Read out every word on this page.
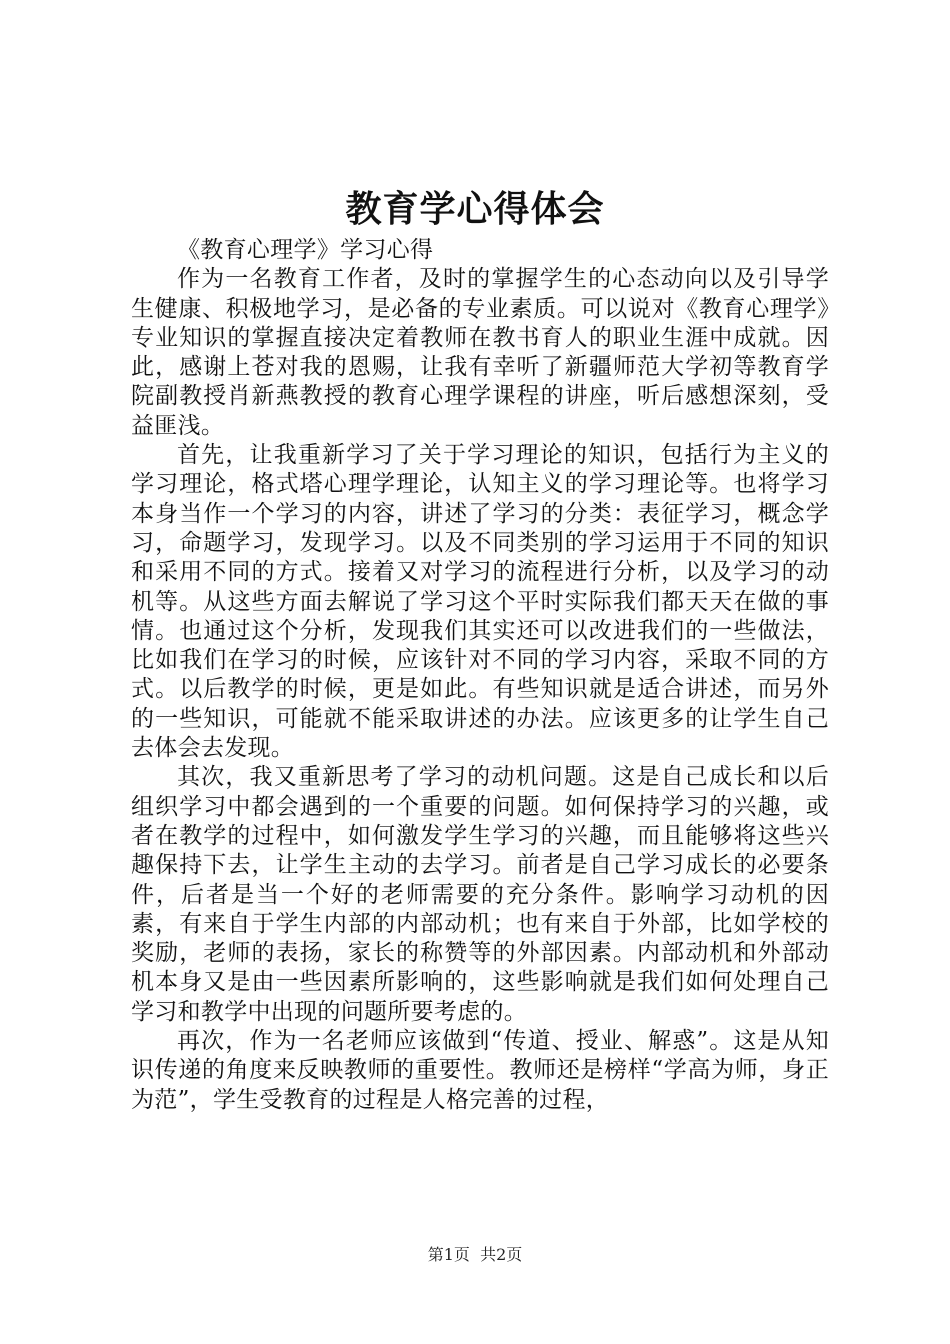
教育学心得体会

《教育心理学》学习心得

作为一名教育工作者，及时的掌握学生的心态动向以及引导学生健康、积极地学习，是必备的专业素质。可以说对《教育心理学》专业知识的掌握直接决定着教师在教书育人的职业生涯中成就。因此，感谢上苍对我的恩赐，让我有幸听了新疆师范大学初等教育学院副教授肖新燕教授的教育心理学课程的讲座，听后感想深刻，受益匪浅。

首先，让我重新学习了关于学习理论的知识，包括行为主义的学习理论，格式塔心理学理论，认知主义的学习理论等。也将学习本身当作一个学习的内容，讲述了学习的分类：表征学习，概念学习，命题学习，发现学习。以及不同类别的学习运用于不同的知识和采用不同的方式。接着又对学习的流程进行分析，以及学习的动机等。从这些方面去解说了学习这个平时实际我们都天天在做的事情。也通过这个分析，发现我们其实还可以改进我们的一些做法，比如我们在学习的时候，应该针对不同的学习内容，采取不同的方式。以后教学的时候，更是如此。有些知识就是适合讲述，而另外的一些知识，可能就不能采取讲述的办法。应该更多的让学生自己去体会去发现。

其次，我又重新思考了学习的动机问题。这是自己成长和以后组织学习中都会遇到的一个重要的问题。如何保持学习的兴趣，或者在教学的过程中，如何激发学生学习的兴趣，而且能够将这些兴趣保持下去，让学生主动的去学习。前者是自己学习成长的必要条件，后者是当一个好的老师需要的充分条件。影响学习动机的因素，有来自于学生内部的内部动机；也有来自于外部，比如学校的奖励，老师的表扬，家长的称赞等的外部因素。内部动机和外部动机本身又是由一些因素所影响的，这些影响就是我们如何处理自己学习和教学中出现的问题所要考虑的。

再次，作为一名老师应该做到“传道、授业、解惑”。这是从知识传递的角度来反映教师的重要性。教师还是榜样“学高为师，身正为范”，学生受教育的过程是人格完善的过程，

第1页 共2页
